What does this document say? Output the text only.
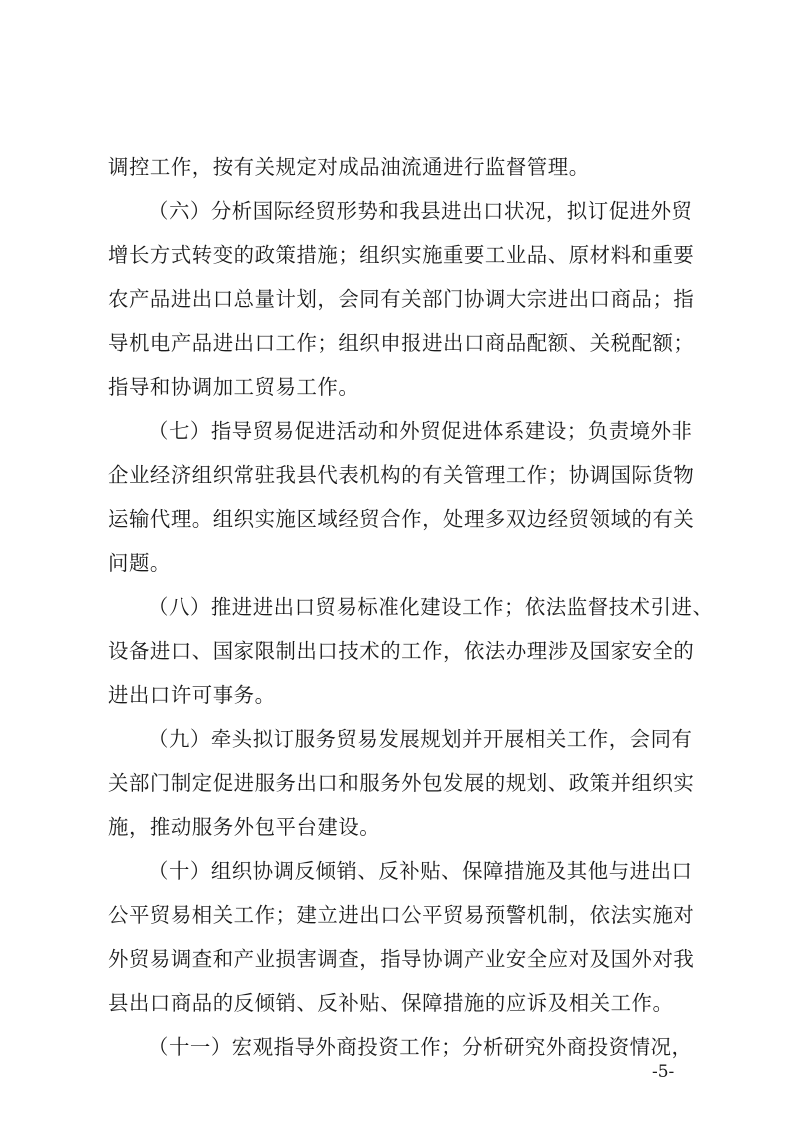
调控工作，按有关规定对成品油流通进行监督管理。
（六）分析国际经贸形势和我县进出口状况，拟订促进外贸
增长方式转变的政策措施；组织实施重要工业品、原材料和重要
农产品进出口总量计划，会同有关部门协调大宗进出口商品；指
导机电产品进出口工作；组织申报进出口商品配额、关税配额；
指导和协调加工贸易工作。
（七）指导贸易促进活动和外贸促进体系建设；负责境外非
企业经济组织常驻我县代表机构的有关管理工作；协调国际货物
运输代理。组织实施区域经贸合作，处理多双边经贸领域的有关
问题。
（八）推进进出口贸易标准化建设工作；依法监督技术引进、
设备进口、国家限制出口技术的工作，依法办理涉及国家安全的
进出口许可事务。
（九）牵头拟订服务贸易发展规划并开展相关工作，会同有
关部门制定促进服务出口和服务外包发展的规划、政策并组织实
施，推动服务外包平台建设。
（十）组织协调反倾销、反补贴、保障措施及其他与进出口
公平贸易相关工作；建立进出口公平贸易预警机制，依法实施对
外贸易调查和产业损害调查，指导协调产业安全应对及国外对我
县出口商品的反倾销、反补贴、保障措施的应诉及相关工作。
（十一）宏观指导外商投资工作；分析研究外商投资情况，
-5-
